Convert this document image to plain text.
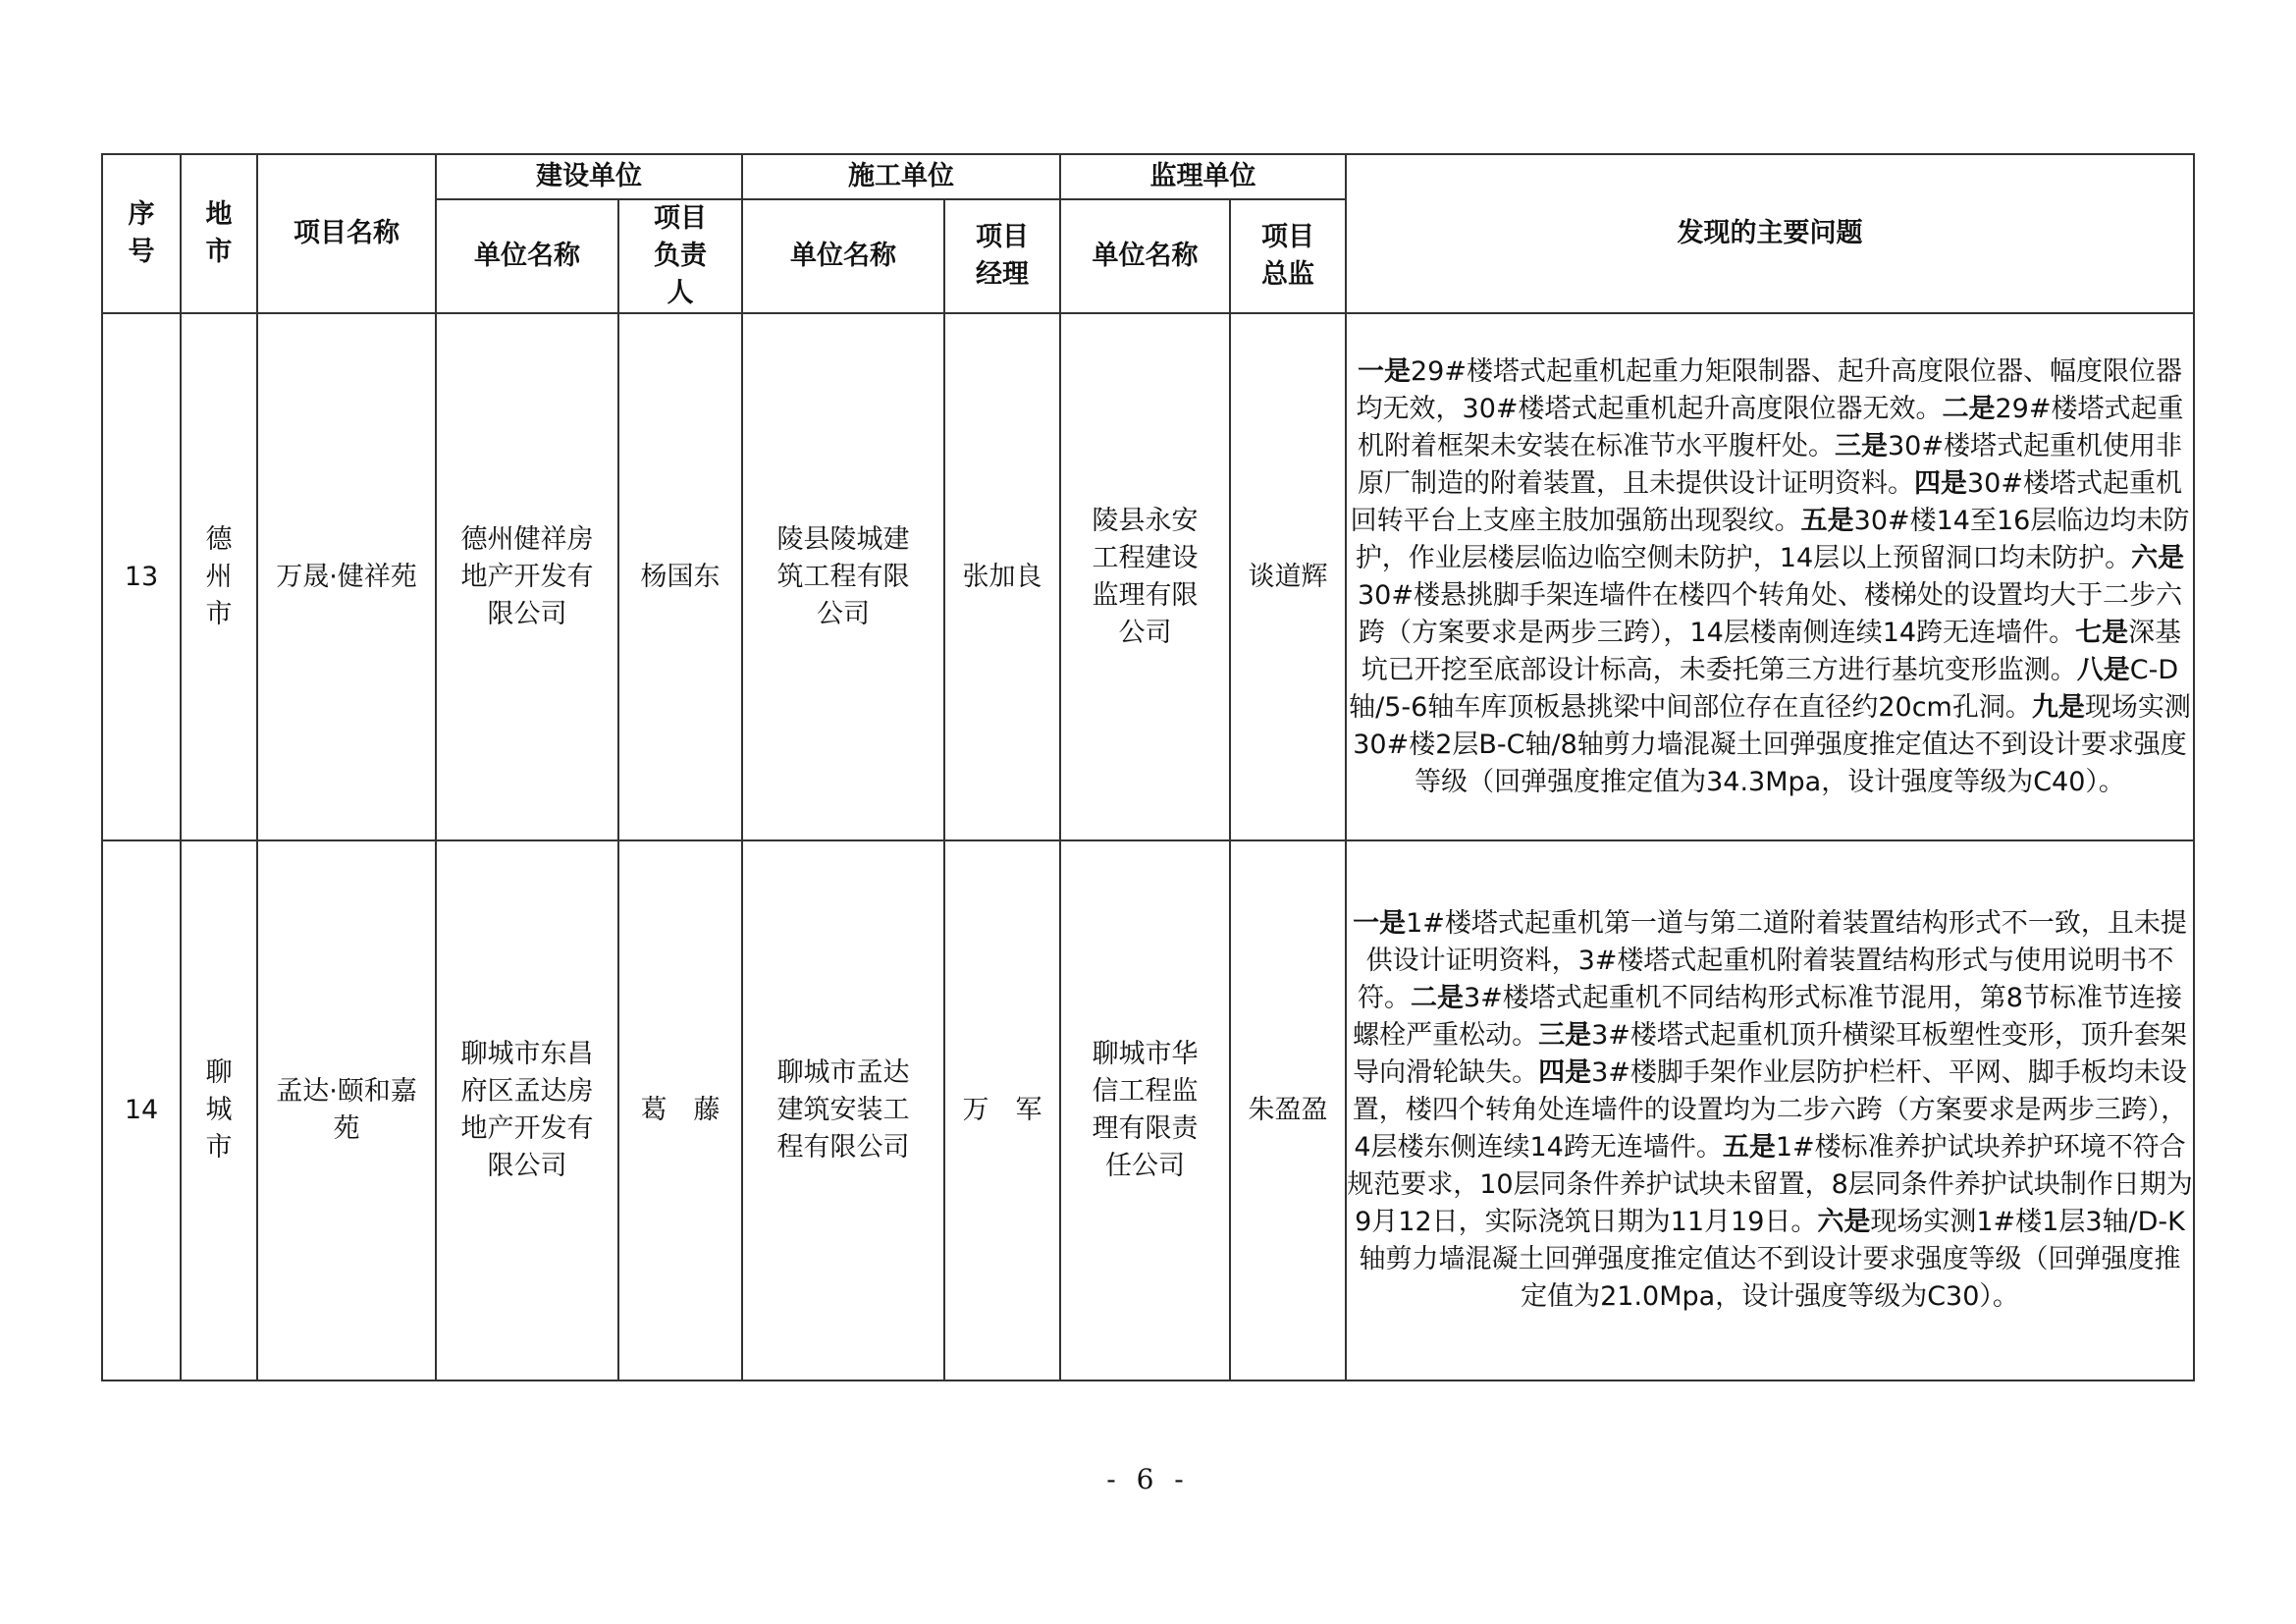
序号	地市	项目名称	建设单位		施工单位		监理单位		发现的主要问题
			单位名称	项目负责人	单位名称	项目经理	单位名称	项目总监	
13	德州市	万晟·健祥苑	德州健祥房地产开发有限公司	杨国东	陵县陵城建筑工程有限公司	张加良	陵县永安工程建设监理有限公司	谈道辉	一是29#楼塔式起重机起重力矩限制器、起升高度限位器、幅度限位器均无效，30#楼塔式起重机起升高度限位器无效。二是29#楼塔式起重机附着框架未安装在标准节水平腹杆处。三是30#楼塔式起重机使用非原厂制造的附着装置，且未提供设计证明资料。四是30#楼塔式起重机回转平台上支座主肢加强筋出现裂纹。五是30#楼14至16层临边均未防护，作业层楼层临边临空侧未防护，14层以上预留洞口均未防护。六是30#楼悬挑脚手架连墙件在楼四个转角处、楼梯处的设置均大于二步六跨（方案要求是两步三跨），14层楼南侧连续14跨无连墙件。七是深基坑已开挖至底部设计标高，未委托第三方进行基坑变形监测。八是C-D轴/5-6轴车库顶板悬挑梁中间部位存在直径约20cm孔洞。九是现场实测30#楼2层B-C轴/8轴剪力墙混凝土回弹强度推定值达不到设计要求强度等级（回弹强度推定值为34.3Mpa，设计强度等级为C40）。
14	聊城市	孟达·颐和嘉苑	聊城市东昌府区孟达房地产开发有限公司	葛　藤	聊城市孟达建筑安装工程有限公司	万　军	聊城市华信工程监理有限责任公司	朱盈盈	一是1#楼塔式起重机第一道与第二道附着装置结构形式不一致，且未提供设计证明资料，3#楼塔式起重机附着装置结构形式与使用说明书不符。二是3#楼塔式起重机不同结构形式标准节混用，第8节标准节连接螺栓严重松动。三是3#楼塔式起重机顶升横梁耳板塑性变形，顶升套架导向滑轮缺失。四是3#楼脚手架作业层防护栏杆、平网、脚手板均未设置，楼四个转角处连墙件的设置均为二步六跨（方案要求是两步三跨），4层楼东侧连续14跨无连墙件。五是1#楼标准养护试块养护环境不符合规范要求，10层同条件养护试块未留置，8层同条件养护试块制作日期为9月12日，实际浇筑日期为11月19日。六是现场实测1#楼1层3轴/D-K轴剪力墙混凝土回弹强度推定值达不到设计要求强度等级（回弹强度推定值为21.0Mpa，设计强度等级为C30）。
- 6 -
